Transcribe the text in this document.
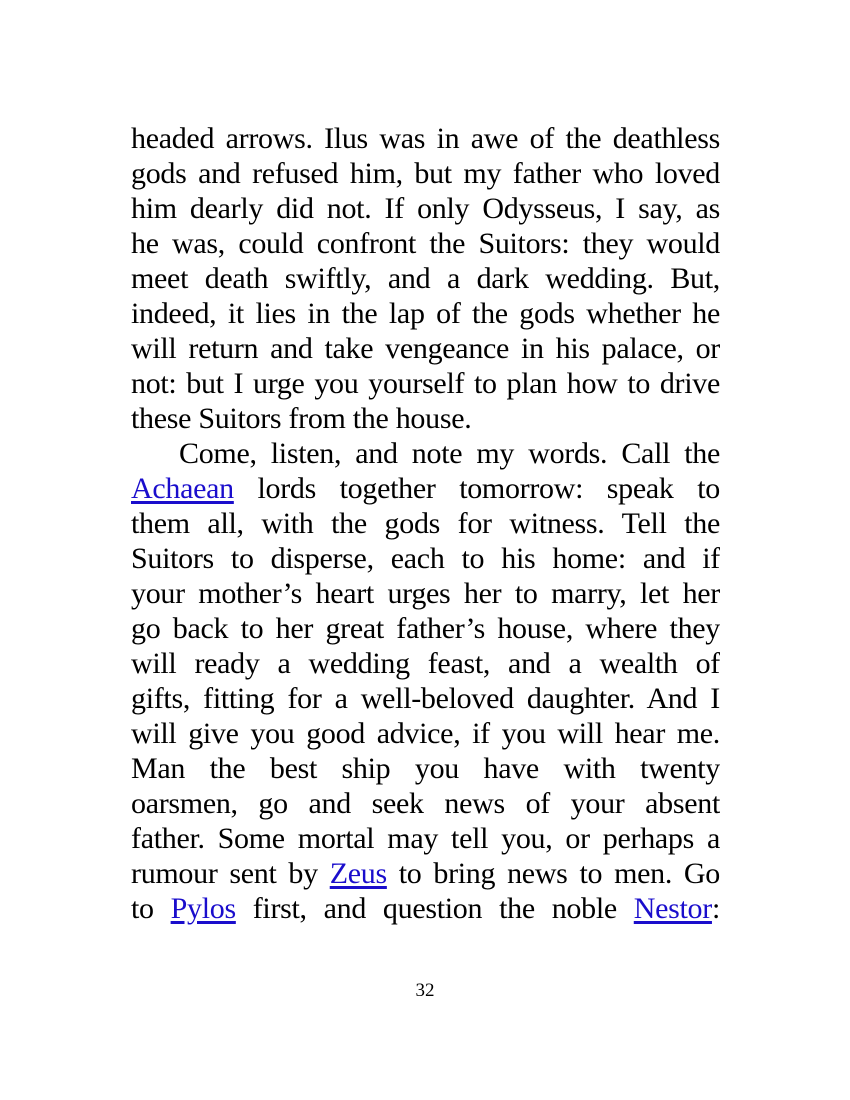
headed arrows. Ilus was in awe of the deathless
gods and refused him, but my father who loved
him dearly did not. If only Odysseus, I say, as
he was, could confront the Suitors: they would
meet death swiftly, and a dark wedding. But,
indeed, it lies in the lap of the gods whether he
will return and take vengeance in his palace, or
not: but I urge you yourself to plan how to drive
these Suitors from the house.
Come, listen, and note my words. Call the
Achaean lords together tomorrow: speak to
them all, with the gods for witness. Tell the
Suitors to disperse, each to his home: and if
your mother’s heart urges her to marry, let her
go back to her great father’s house, where they
will ready a wedding feast, and a wealth of
gifts, fitting for a well-beloved daughter. And I
will give you good advice, if you will hear me.
Man the best ship you have with twenty
oarsmen, go and seek news of your absent
father. Some mortal may tell you, or perhaps a
rumour sent by Zeus to bring news to men. Go
to Pylos first, and question the noble Nestor:
32
